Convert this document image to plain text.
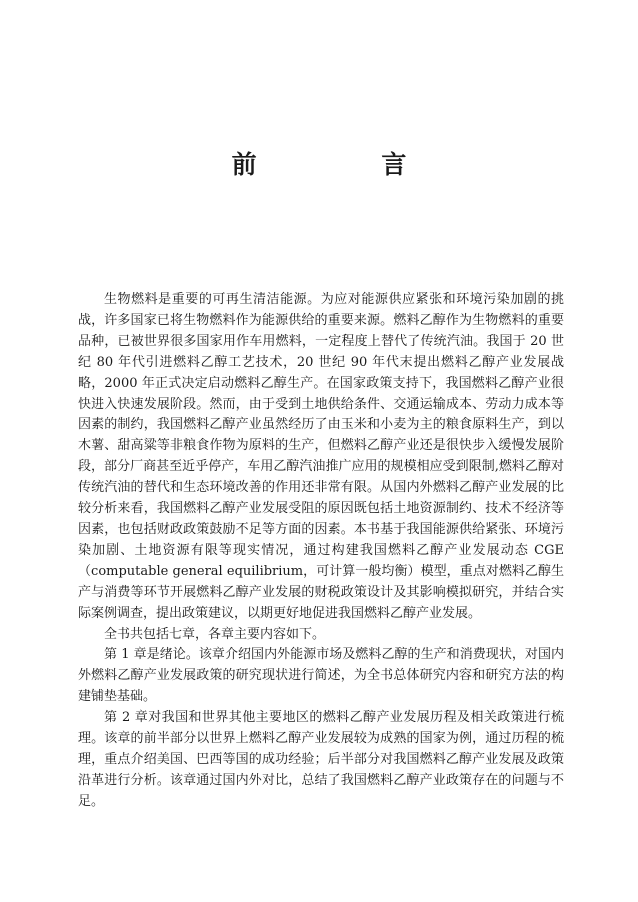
前 言

生物燃料是重要的可再生清洁能源。为应对能源供应紧张和环境污染加剧的挑战，许多国家已将生物燃料作为能源供给的重要来源。燃料乙醇作为生物燃料的重要品种，已被世界很多国家用作车用燃料，一定程度上替代了传统汽油。我国于 20 世纪 80 年代引进燃料乙醇工艺技术，20 世纪 90 年代末提出燃料乙醇产业发展战略，2000 年正式决定启动燃料乙醇生产。在国家政策支持下，我国燃料乙醇产业很快进入快速发展阶段。然而，由于受到土地供给条件、交通运输成本、劳动力成本等因素的制约，我国燃料乙醇产业虽然经历了由玉米和小麦为主的粮食原料生产，到以木薯、甜高粱等非粮食作物为原料的生产，但燃料乙醇产业还是很快步入缓慢发展阶段，部分厂商甚至近乎停产，车用乙醇汽油推广应用的规模相应受到限制,燃料乙醇对传统汽油的替代和生态环境改善的作用还非常有限。从国内外燃料乙醇产业发展的比较分析来看，我国燃料乙醇产业发展受阻的原因既包括土地资源制约、技术不经济等因素，也包括财政政策鼓励不足等方面的因素。本书基于我国能源供给紧张、环境污染加剧、土地资源有限等现实情况，通过构建我国燃料乙醇产业发展动态 CGE（computable general equilibrium，可计算一般均衡）模型，重点对燃料乙醇生产与消费等环节开展燃料乙醇产业发展的财税政策设计及其影响模拟研究，并结合实际案例调查，提出政策建议，以期更好地促进我国燃料乙醇产业发展。

全书共包括七章，各章主要内容如下。

第 1 章是绪论。该章介绍国内外能源市场及燃料乙醇的生产和消费现状，对国内外燃料乙醇产业发展政策的研究现状进行简述，为全书总体研究内容和研究方法的构建铺垫基础。

第 2 章对我国和世界其他主要地区的燃料乙醇产业发展历程及相关政策进行梳理。该章的前半部分以世界上燃料乙醇产业发展较为成熟的国家为例，通过历程的梳理，重点介绍美国、巴西等国的成功经验；后半部分对我国燃料乙醇产业发展及政策沿革进行分析。该章通过国内外对比，总结了我国燃料乙醇产业政策存在的问题与不足。
